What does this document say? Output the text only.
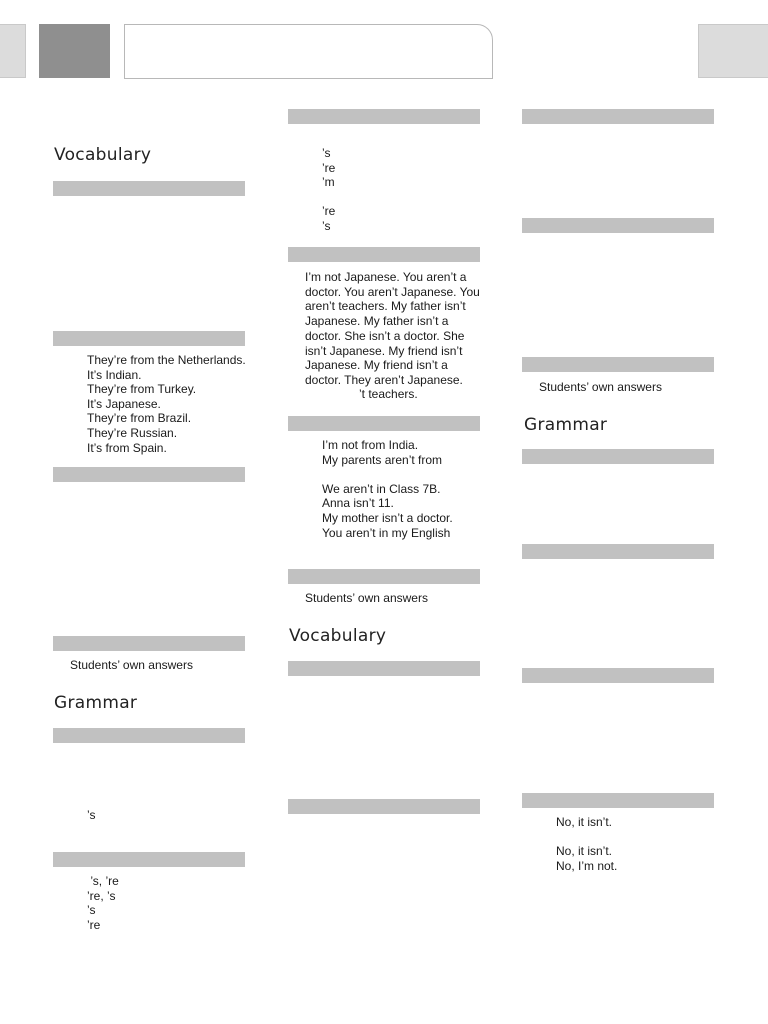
Vocabulary
They’re from the Netherlands.
It’s Indian.
They’re from Turkey.
It’s Japanese.
They’re from Brazil.
They’re Russian.
It’s from Spain.
Students’ own answers
Grammar
’s
’s, ’re
’re, ’s
’s
’re
’s
’re
’m

’re
’s
I’m not Japanese. You aren’t a doctor. You aren’t Japanese. You aren’t teachers. My father isn’t Japanese. My father isn’t a doctor. She isn’t a doctor. She isn’t Japanese. My friend isn’t Japanese. My friend isn’t a doctor. They aren’t Japanese.
’t teachers.
I’m not from India.
My parents aren’t from

We aren’t in Class 7B.
Anna isn’t 11.
My mother isn’t a doctor.
You aren’t in my English
Students’ own answers
Vocabulary
Students’ own answers
Grammar
No, it isn’t.

No, it isn’t.
No, I’m not.
